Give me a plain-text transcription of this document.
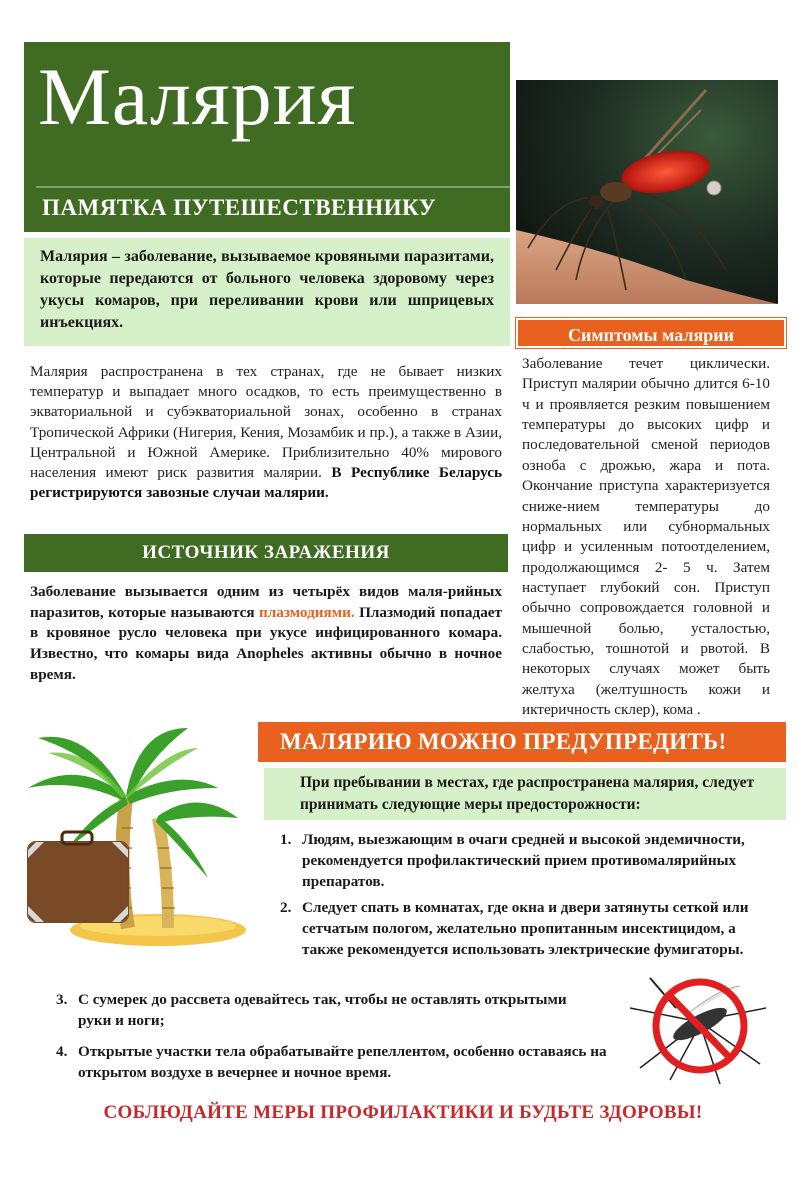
Малярия
ПАМЯТКА ПУТЕШЕСТВЕННИКУ
Малярия – заболевание, вызываемое кровяными паразитами, которые передаются от больного человека здоровому через укусы комаров, при переливании крови или шприцевых инъекциях.
Симптомы малярии
Заболевание течет циклически. Приступ малярии обычно длится 6-10 ч и проявляется резким повышением температуры до высоких цифр и последовательной сменой периодов озноба с дрожью, жара и пота. Окончание приступа характеризуется сниже-нием температуры до нормальных или субнормальных цифр и усиленным потоотделением, продолжающимся 2- 5 ч. Затем наступает глубокий сон. Приступ обычно сопровождается головной и мышечной болью, усталостью, слабостью, тошнотой и рвотой. В некоторых случаях может быть желтуха (желтушность кожи и иктеричность склер), кома .
Малярия распространена в тех странах, где не бывает низких температур и выпадает много осадков, то есть преимущественно в экваториальной и субэкваториальной зонах, особенно в странах Тропической Африки (Нигерия, Кения, Мозамбик и пр.), а также в Азии, Центральной и Южной Америке. Приблизительно 40% мирового населения имеют риск развития малярии. В Республике Беларусь регистрируются завозные случаи малярии.
ИСТОЧНИК ЗАРАЖЕНИЯ
Заболевание вызывается одним из четырёх видов маля-рийных паразитов, которые называются плазмодиями. Плазмодий попадает в кровяное русло человека при укусе инфицированного комара. Известно, что комары вида Anopheles активны обычно в ночное время.
МАЛЯРИЮ МОЖНО ПРЕДУПРЕДИТЬ!
При пребывании в местах, где распространена малярия, следует принимать следующие меры предосторожности:
1. Людям, выезжающим в очаги средней и высокой эндемичности, рекомендуется профилактический прием противомалярийных препаратов.
2. Следует спать в комнатах, где окна и двери затянуты сеткой или сетчатым пологом, желательно пропитанным инсектицидом, а также рекомендуется использовать электрические фумигаторы.
3. С сумерек до рассвета одевайтесь так, чтобы не оставлять открытыми руки и ноги;
4. Открытые участки тела обрабатывайте репеллентом, особенно оставаясь на открытом воздухе в вечернее и ночное время.
СОБЛЮДАЙТЕ МЕРЫ ПРОФИЛАКТИКИ И БУДЬТЕ ЗДОРОВЫ!
